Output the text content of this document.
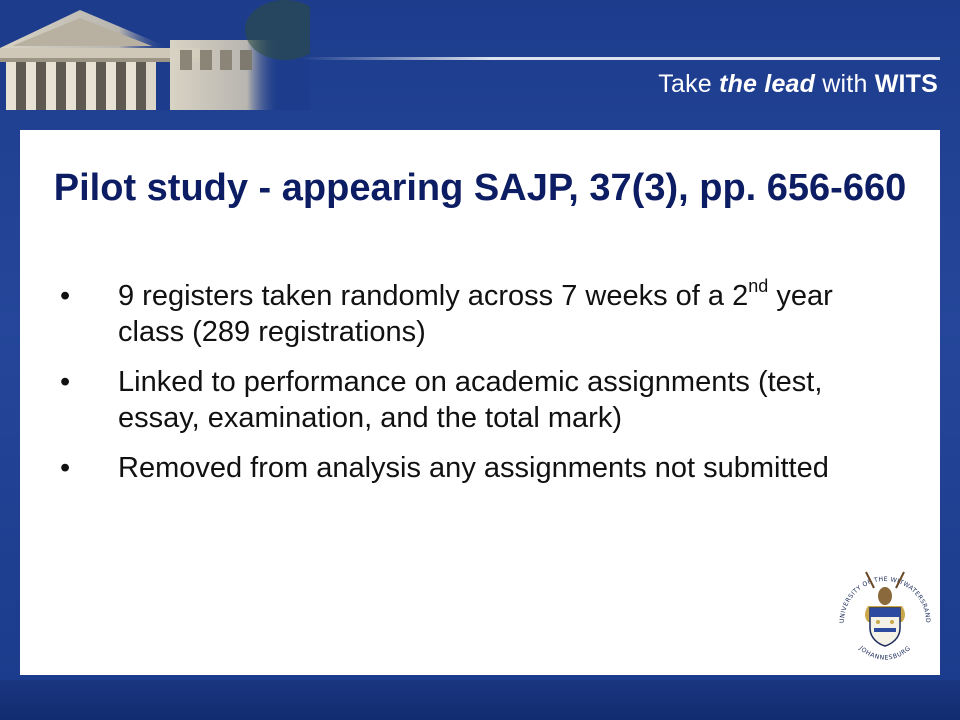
Take the lead with WITS
Pilot study - appearing SAJP, 37(3), pp. 656-660
• 9 registers taken randomly across 7 weeks of a 2nd year class (289 registrations)
• Linked to performance on academic assignments (test, essay, examination, and the total mark)
• Removed from analysis any assignments not submitted
UNIVERSITY OF THE WITWATERSRAND
JOHANNESBURG
